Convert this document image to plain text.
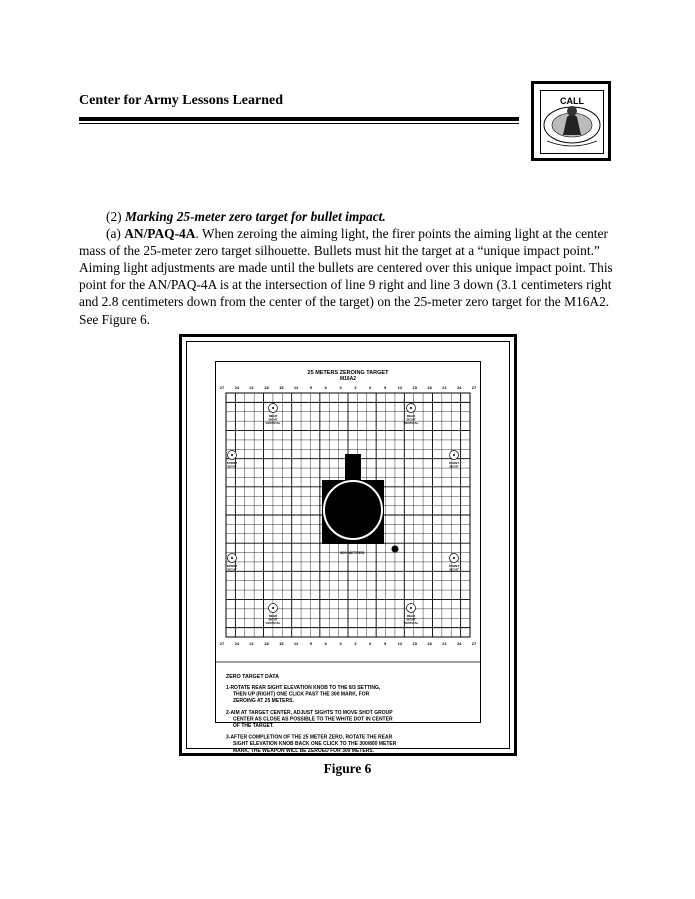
Center for Army Lessons Learned	CALL

(2) Marking 25-meter zero target for bullet impact.

(a) AN/PAQ-4A. When zeroing the aiming light, the firer points the aiming light at the center mass of the 25-meter zero target silhouette. Bullets must hit the target at a “unique impact point.” Aiming light adjustments are made until the bullets are centered over this unique impact point. This point for the AN/PAQ-4A is at the intersection of line 9 right and line 3 down (3.1 centimeters right and 2.8 centimeters down from the center of the target) on the 25-meter zero target for the M16A2. See Figure 6.

25 METERS ZEROING TARGET
M16A2
27	24	21	18	15	12	9	6	3	3	6	9	12	15	18	21	24	27
27	24	21	18	15	12	9	6	3	3	6	9	12	15	18	21	24	27
300 METERS
REAR
SIGHT
VERTICAL
REAR
SIGHT
VERTICAL
FRONT
SIGHT
FRONT
SIGHT
FRONT
SIGHT
FRONT
SIGHT
REAR
SIGHT
VERTICAL
REAR
SIGHT
VERTICAL
ZERO TARGET DATA
1-ROTATE REAR SIGHT ELEVATION KNOB TO THE 8/3 SETTING,
THEN UP (RIGHT) ONE CLICK PAST THE 300 MARK, FOR
ZEROING AT 25 METERS.
2-AIM AT TARGET CENTER, ADJUST SIGHTS TO MOVE SHOT GROUP
CENTER AS CLOSE AS POSSIBLE TO THE WHITE DOT IN CENTER
OF THE TARGET.
3-AFTER COMPLETION OF THE 25 METER ZERO, ROTATE THE REAR
SIGHT ELEVATION KNOB BACK ONE CLICK TO THE 300/800 METER
MARK, THE WEAPON WILL BE ZEROED FOR 300 METERS.
Figure 6
